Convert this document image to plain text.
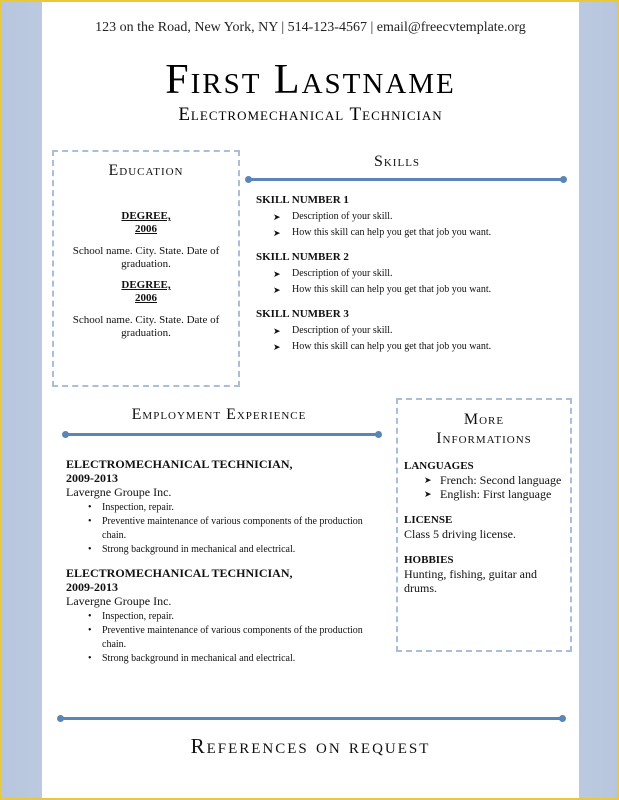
123 on the Road, New York, NY | 514-123-4567 | email@freecvtemplate.org
First Lastname
Electromechanical Technician
Education
DEGREE,
2006
School name. City. State. Date of graduation.
DEGREE,
2006
School name. City. State. Date of graduation.
Skills
SKILL NUMBER 1
➤ Description of your skill.
➤ How this skill can help you get that job you want.
SKILL NUMBER 2
➤ Description of your skill.
➤ How this skill can help you get that job you want.
SKILL NUMBER 3
➤ Description of your skill.
➤ How this skill can help you get that job you want.
Employment Experience
ELECTROMECHANICAL TECHNICIAN,
2009-2013
Lavergne Groupe Inc.
• Inspection, repair.
• Preventive maintenance of various components of the production chain.
• Strong background in mechanical and electrical.
ELECTROMECHANICAL TECHNICIAN,
2009-2013
Lavergne Groupe Inc.
• Inspection, repair.
• Preventive maintenance of various components of the production chain.
• Strong background in mechanical and electrical.
More
Informations
LANGUAGES
➤ French: Second language
➤ English: First language
LICENSE
Class 5 driving license.
HOBBIES
Hunting, fishing, guitar and drums.
References on request
